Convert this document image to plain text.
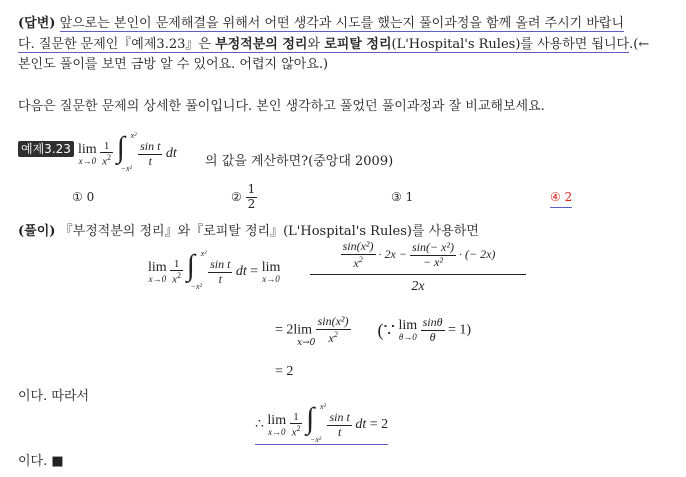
(답변) 앞으로는 본인이 문제해결을 위해서 어떤 생각과 시도를 했는지 풀이과정을 함께 올려 주시기 바랍니
다. 질문한 문제인『예제3.23』은 부정적분의 정리와 로피탈 정리(L'Hospital's Rules)를 사용하면 됩니다.(←
본인도 풀이를 보면 금방 알 수 있어요. 어렵지 않아요.)
다음은 질문한 문제의 상세한 풀이입니다. 본인 생각하고 풀었던 풀이과정과 잘 비교해보세요.
예제3.23 lim
x→0
$\frac{1}{x^2}$
∫ x²
−x²

$\frac{\text{sin t}}{t}$ dt
의 값을 계산하면?(중앙대 2009)
① 0	② $\frac{1}{2}$	③ 1	④ 2
(풀이) 『부정적분의 정리』와『로피탈 정리』(L'Hospital's Rules)를 사용하면
lim
x→0
$\frac{1}{x^2}$
∫ x²
−x²

$\frac{\text{sin t}}{t}$ dt = lim
x→0
$\frac{\text{sin(x²)}}{x^2} \cdot 2x - \frac{\text{sin(− x²)}}{\text{− x²}}$ · (− 2x)
2x
= $2\lim \frac{\text{sin(x²)}}{x^2}$ (∵ lim
θ→0
$\frac{\sin\theta}{\theta} = 1$)
x→0
= 2
이다. 따라서
∴ lim
x→0
$\frac{1}{x^2}$
∫ x²
−x²

$\frac{\text{sin t}}{t}$ dt = 2
이다. ■
